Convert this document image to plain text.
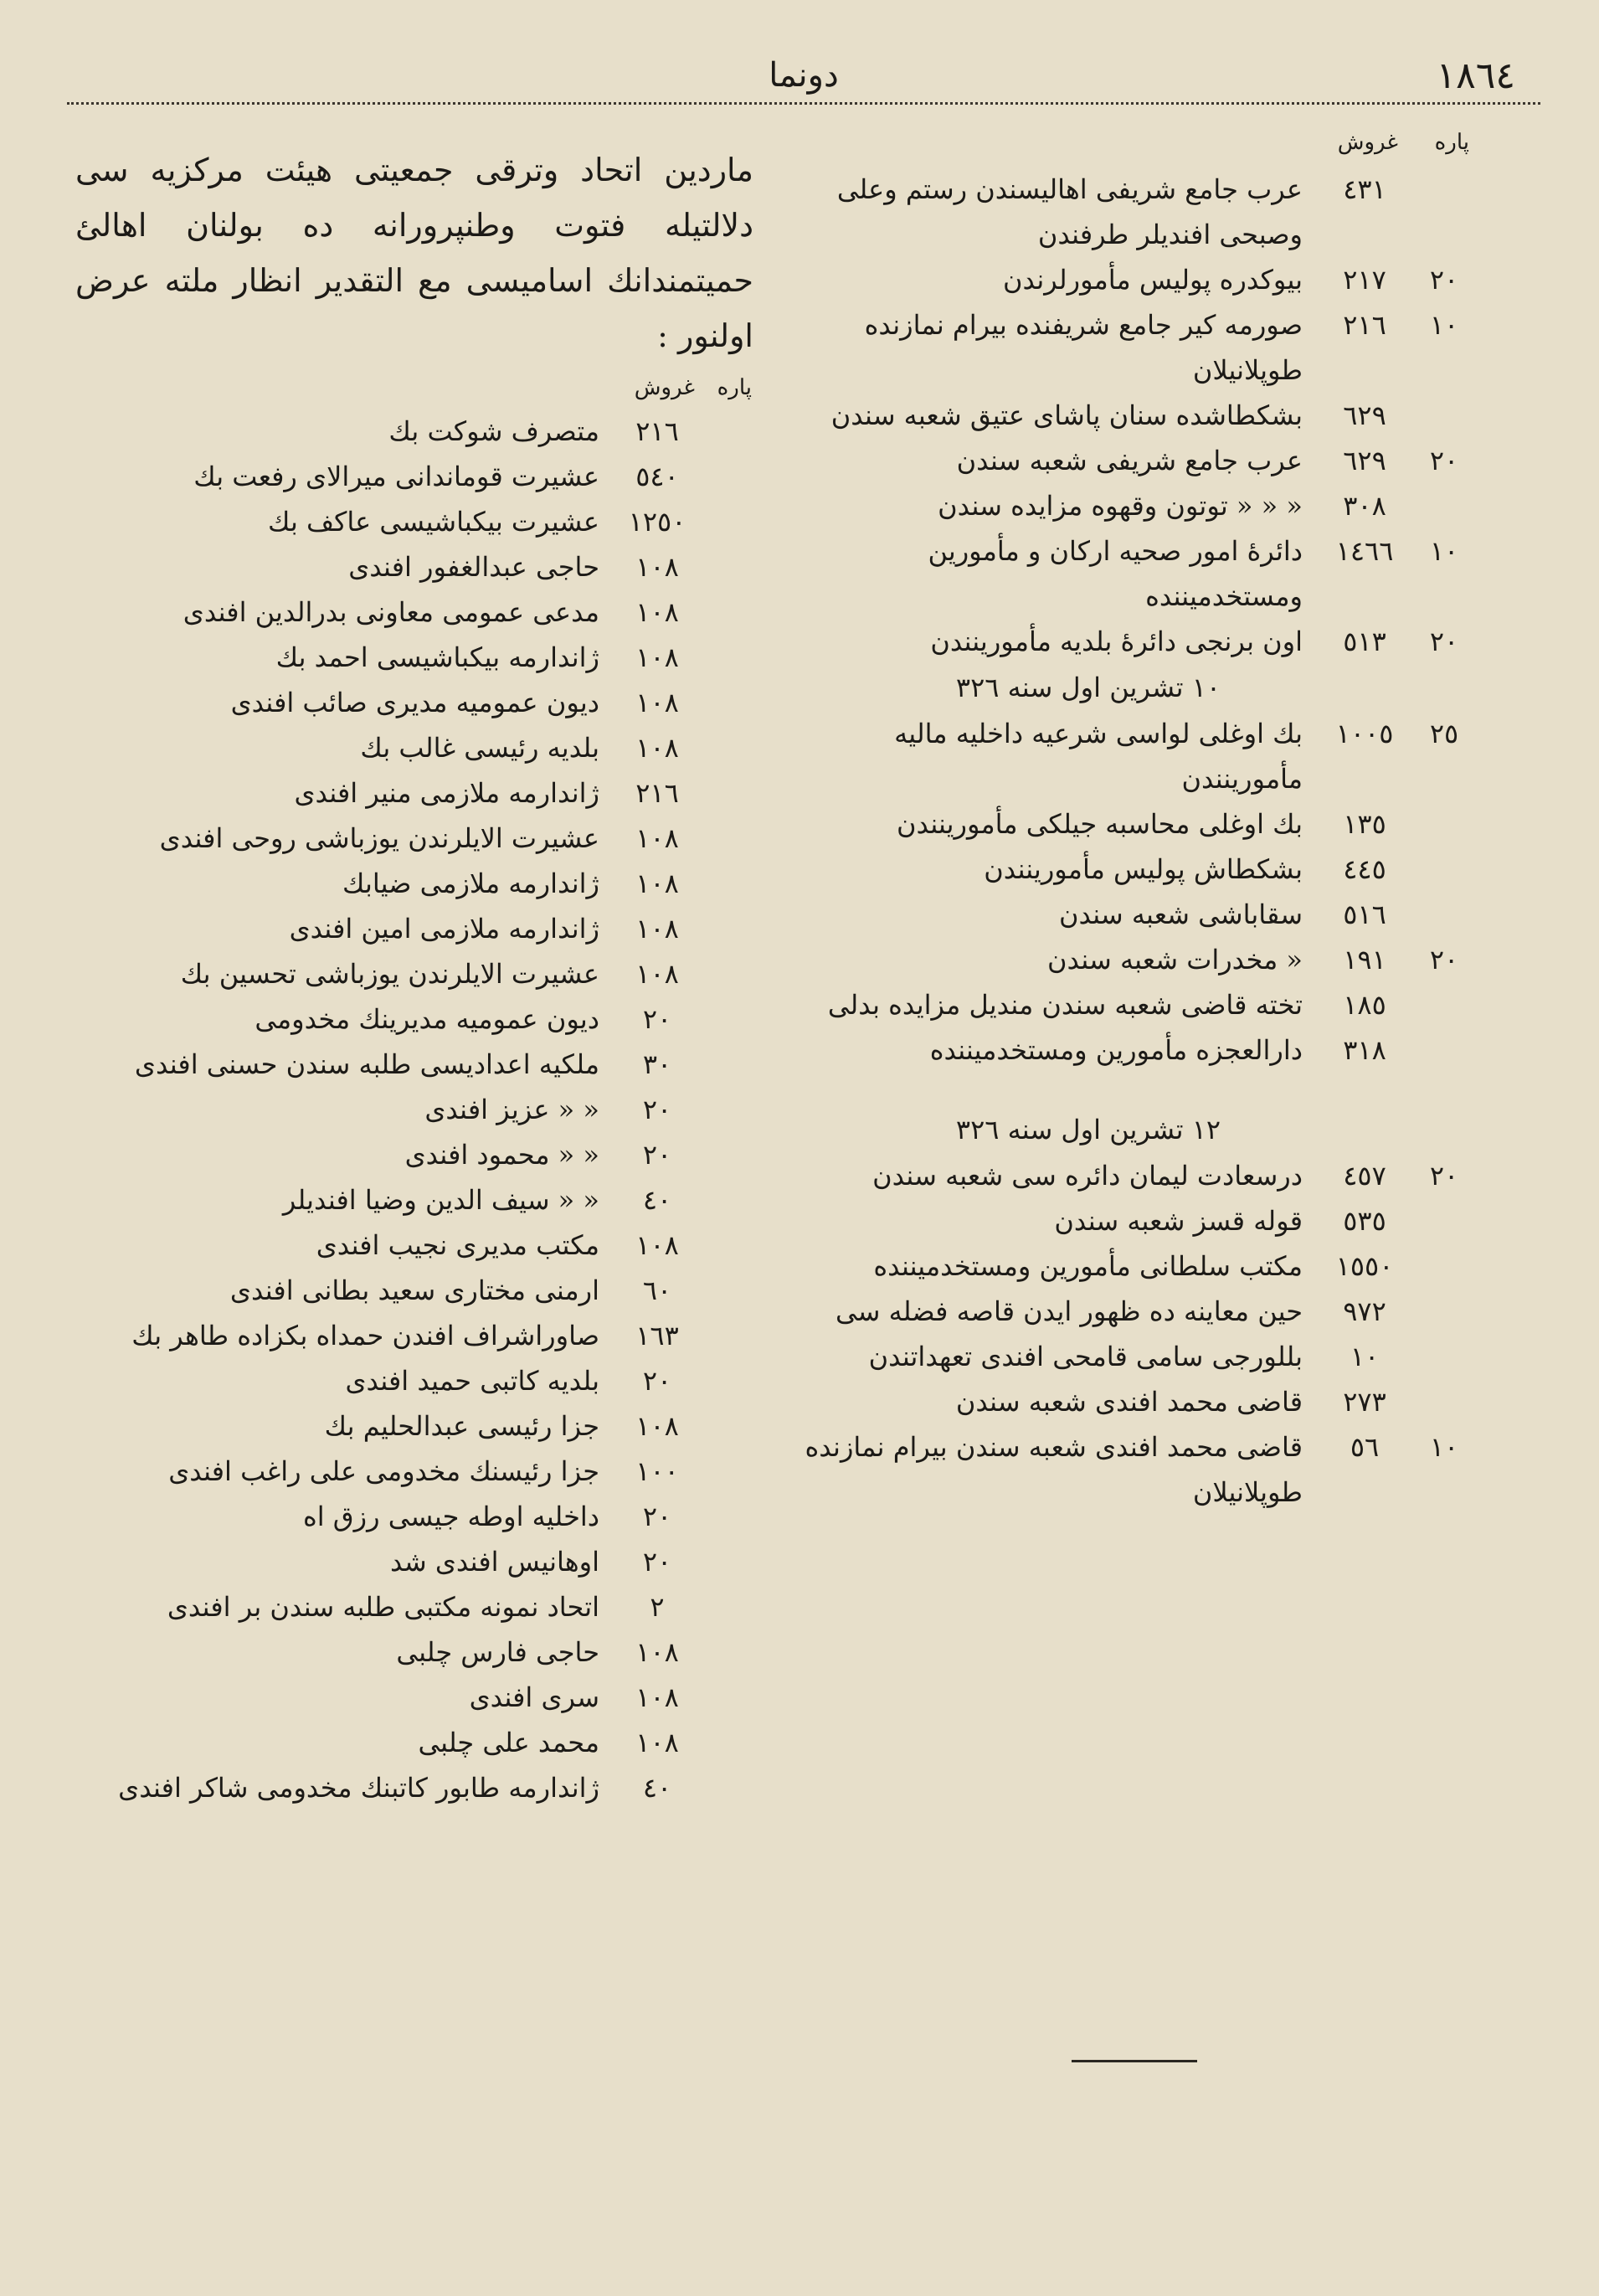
١٨٦٤
دونما
پاره
غروش
٤٣١
عرب جامع شريفى اهاليسندن رستم وعلى وصبحى افنديلر طرفندن
٢٠
٢١٧
بيوكدره پوليس مأمورلرندن
١٠
٢١٦
صورمه كير جامع شريفنده بيرام نمازنده طوپلانيلان
٦٢٩
بشكطاشده سنان پاشاى عتيق شعبه سندن
٢٠
٦٢٩
عرب جامع شريفى شعبه سندن
٣٠٨
« « « توتون وقهوه مزايده سندن
١٠
١٤٦٦
دائرهٔ امور صحيه اركان و مأمورين ومستخدميننده
٢٠
٥١٣
اون برنجى دائرهٔ بلديه مأمورينندن
١٠ تشرين اول سنه ٣٢٦
٢٥
١٠٠٥
بك اوغلى لواسى شرعيه داخليه ماليه مأمورينندن
١٣٥
بك اوغلى محاسبه جيلكى مأمورينندن
٤٤٥
بشكطاش پوليس مأمورينندن
٥١٦
سقاباشى شعبه سندن
٢٠
١٩١
« مخدرات شعبه سندن
١٨٥
تخته قاضى شعبه سندن منديل مزايده بدلى
٣١٨
دارالعجزه مأمورين ومستخدميننده
١٢ تشرين اول سنه ٣٢٦
٢٠
٤٥٧
درسعادت ليمان دائره سى شعبه سندن
٥٣٥
قوله قسز شعبه سندن
١٥٥٠
مكتب سلطانى مأمورين ومستخدميننده
٩٧٢
حين معاينه ده ظهور ايدن قاصه فضله سى
١٠
بللورجى سامى قامحى افندى تعهداتندن
٢٧٣
قاضى محمد افندى شعبه سندن
١٠
٥٦
قاضى محمد افندى شعبه سندن بيرام نمازنده طوپلانيلان
ماردين اتحاد وترقى جمعيتى هيئت مركزيه سى دلالتيله فتوت وطنپرورانه ده بولنان اهالئ حميتمندانك اساميسى مع التقدير انظار ملته عرض اولنور :
پاره
غروش
٢١٦
متصرف شوكت بك
٥٤٠
عشيرت قوماندانى ميرالاى رفعت بك
١٢٥٠
عشيرت بيكباشيسى عاكف بك
١٠٨
حاجى عبدالغفور افندى
١٠٨
مدعى عمومى معاونى بدرالدين افندى
١٠٨
ژاندارمه بيكباشيسى احمد بك
١٠٨
ديون عموميه مديرى صائب افندى
١٠٨
بلديه رئيسى غالب بك
٢١٦
ژاندارمه ملازمى منير افندى
١٠٨
عشيرت الايلرندن يوزباشى روحى افندى
١٠٨
ژاندارمه ملازمى ضيابك
١٠٨
ژاندارمه ملازمى امين افندى
١٠٨
عشيرت الايلرندن يوزباشى تحسين بك
٢٠
ديون عموميه مديرينك مخدومى
٣٠
ملكيه اعداديسى طلبه سندن حسنى افندى
٢٠
« « عزيز افندى
٢٠
« « محمود افندى
٤٠
« « سيف الدين وضيا افنديلر
١٠٨
مكتب مديرى نجيب افندى
٦٠
ارمنى مختارى سعيد بطانى افندى
١٦٣
صاوراشراف افندن حمداه بكزاده طاهر بك
٢٠
بلديه كاتبى حميد افندى
١٠٨
جزا رئيسى عبدالحليم بك
١٠٠
جزا رئيسنك مخدومى على راغب افندى
٢٠
داخليه اوطه جيسى رزق اه
٢٠
اوهانيس افندى شد
٢
اتحاد نمونه مكتبى طلبه سندن بر افندى
١٠٨
حاجى فارس چلبى
١٠٨
سرى افندى
١٠٨
محمد على چلبى
٤٠
ژاندارمه طابور كاتبنك مخدومى شاكر افندى
